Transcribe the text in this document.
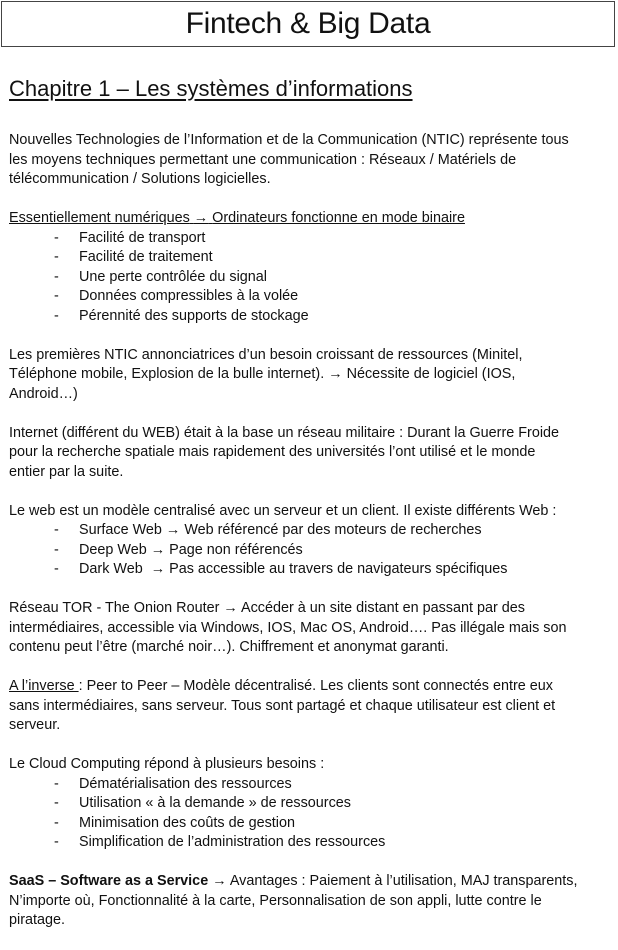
Fintech & Big Data
Chapitre 1 – Les systèmes d’informations

Nouvelles Technologies de l’Information et de la Communication (NTIC) représente tous
les moyens techniques permettant une communication : Réseaux / Matériels de
télécommunication / Solutions logicielles.

Essentiellement numériques → Ordinateurs fonctionne en mode binaire
- Facilité de transport
- Facilité de traitement
- Une perte contrôlée du signal
- Données compressibles à la volée
- Pérennité des supports de stockage

Les premières NTIC annonciatrices d’un besoin croissant de ressources (Minitel,
Téléphone mobile, Explosion de la bulle internet). → Nécessite de logiciel (IOS,
Android…)

Internet (différent du WEB) était à la base un réseau militaire : Durant la Guerre Froide
pour la recherche spatiale mais rapidement des universités l’ont utilisé et le monde
entier par la suite.

Le web est un modèle centralisé avec un serveur et un client. Il existe différents Web :
- Surface Web → Web référencé par des moteurs de recherches
- Deep Web → Page non référencés
- Dark Web  → Pas accessible au travers de navigateurs spécifiques

Réseau TOR - The Onion Router → Accéder à un site distant en passant par des
intermédiaires, accessible via Windows, IOS, Mac OS, Android…. Pas illégale mais son
contenu peut l’être (marché noir…). Chiffrement et anonymat garanti.

A l’inverse : Peer to Peer – Modèle décentralisé. Les clients sont connectés entre eux
sans intermédiaires, sans serveur. Tous sont partagé et chaque utilisateur est client et
serveur.

Le Cloud Computing répond à plusieurs besoins :
- Dématérialisation des ressources
- Utilisation « à la demande » de ressources
- Minimisation des coûts de gestion
- Simplification de l’administration des ressources

SaaS – Software as a Service → Avantages : Paiement à l’utilisation, MAJ transparents,
N’importe où, Fonctionnalité à la carte, Personnalisation de son appli, lutte contre le
piratage.
